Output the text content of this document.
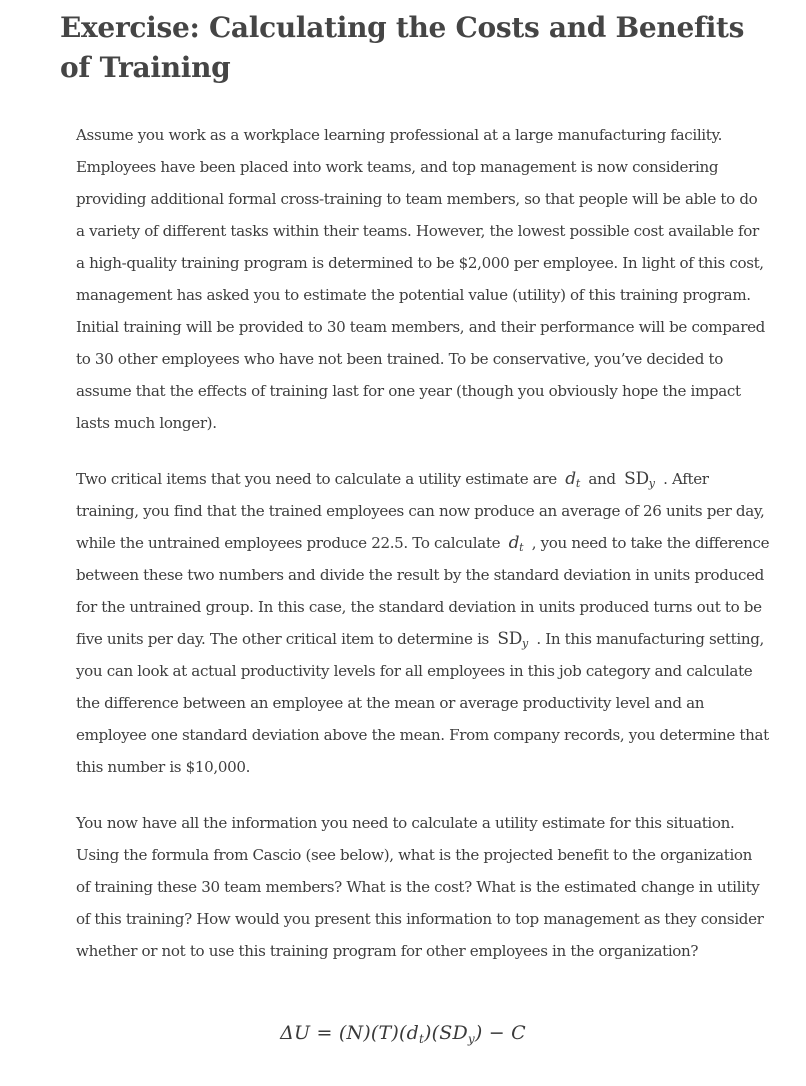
Exercise: Calculating the Costs and Benefits of Training

Assume you work as a workplace learning professional at a large manufacturing facility. Employees have been placed into work teams, and top management is now considering providing additional formal cross-training to team members, so that people will be able to do a variety of different tasks within their teams. However, the lowest possible cost available for a high-quality training program is determined to be $2,000 per employee. In light of this cost, management has asked you to estimate the potential value (utility) of this training program. Initial training will be provided to 30 team members, and their performance will be compared to 30 other employees who have not been trained. To be conservative, you’ve decided to assume that the effects of training last for one year (though you obviously hope the impact lasts much longer).

Two critical items that you need to calculate a utility estimate are $d_t$ and $SD_y$ . After training, you find that the trained employees can now produce an average of 26 units per day, while the untrained employees produce 22.5. To calculate $d_t$ , you need to take the difference between these two numbers and divide the result by the standard deviation in units produced for the untrained group. In this case, the standard deviation in units produced turns out to be five units per day. The other critical item to determine is $SD_y$ . In this manufacturing setting, you can look at actual productivity levels for all employees in this job category and calculate the difference between an employee at the mean or average productivity level and an employee one standard deviation above the mean. From company records, you determine that this number is $10,000.

You now have all the information you need to calculate a utility estimate for this situation. Using the formula from Cascio (see below), what is the projected benefit to the organization of training these 30 team members? What is the cost? What is the estimated change in utility of this training? How would you present this information to top management as they consider whether or not to use this training program for other employees in the organization?

$\Delta U = (N)(T)(d_t)(SD_y) - C$
